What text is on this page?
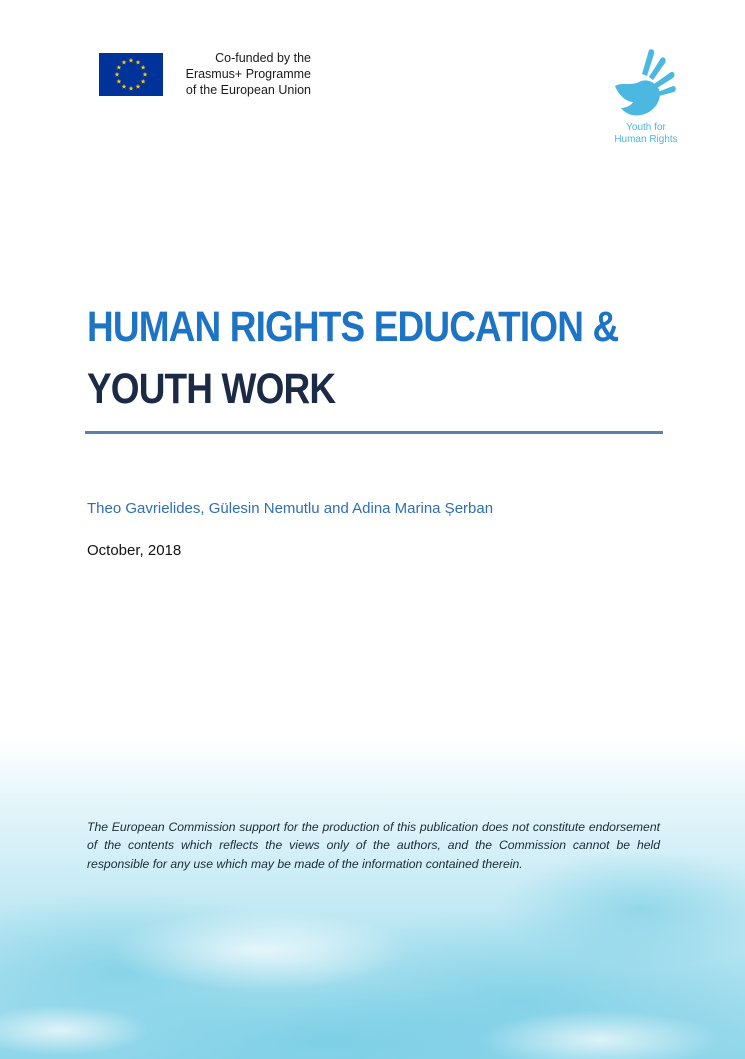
Co-funded by the
Erasmus+ Programme
of the European Union
Youth for
Human Rights
HUMAN RIGHTS EDUCATION &
YOUTH WORK
Theo Gavrielides, Gülesin Nemutlu and Adina Marina Șerban
October, 2018
The European Commission support for the production of this publication does not constitute endorsement of the contents which reflects the views only of the authors, and the Commission cannot be held responsible for any use which may be made of the information contained therein.
